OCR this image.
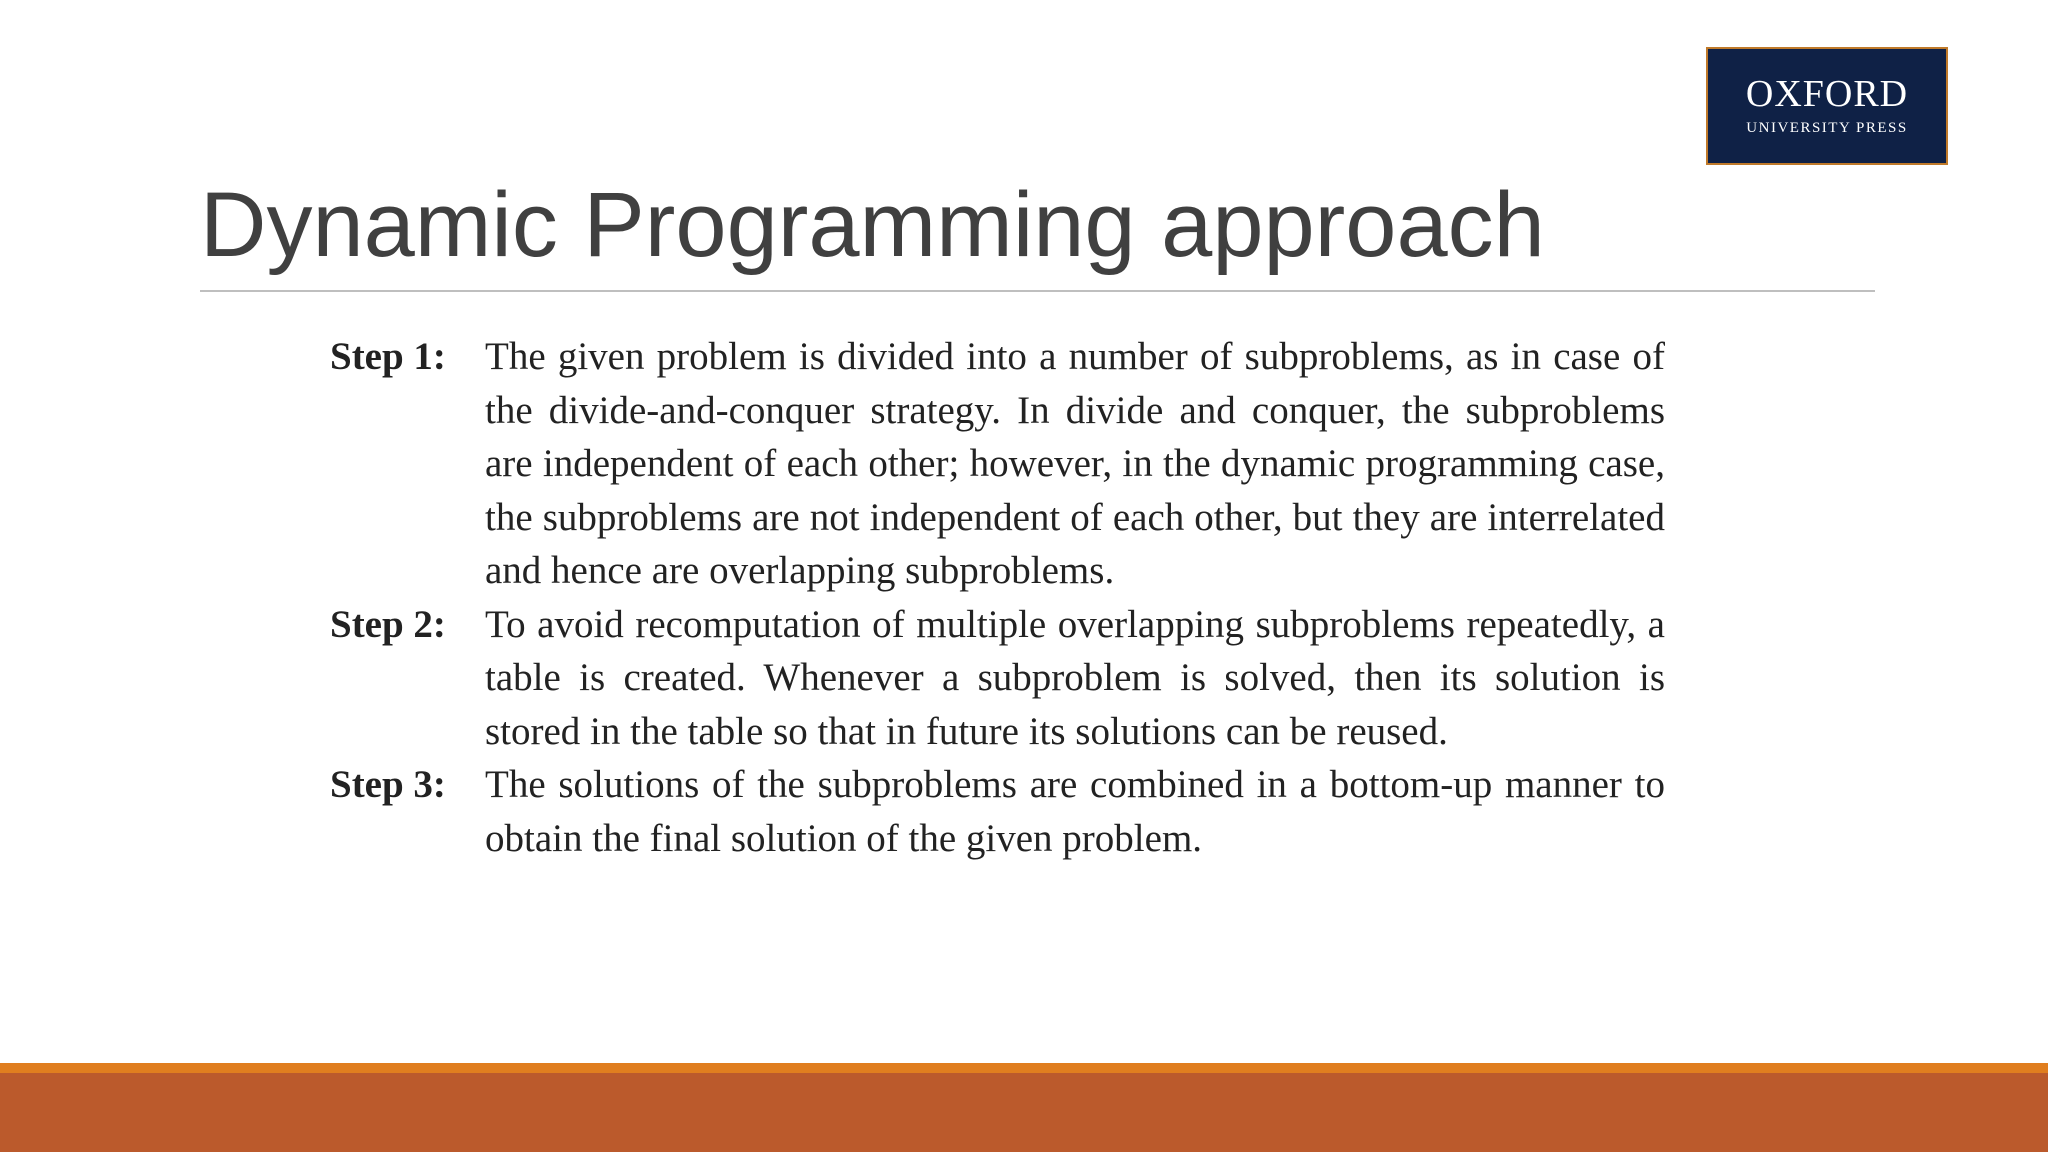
OXFORD
UNIVERSITY PRESS
Dynamic Programming approach
Step 1:	The given problem is divided into a number of subproblems, as in case of the divide-and-conquer strategy. In divide and conquer, the subproblems are independent of each other; however, in the dynamic programming case, the subproblems are not independent of each other, but they are interrelated and hence are overlapping subproblems.
Step 2:	To avoid recomputation of multiple overlapping subproblems repeatedly, a table is created. Whenever a subproblem is solved, then its solution is stored in the table so that in future its solutions can be reused.
Step 3:	The solutions of the subproblems are combined in a bottom-up manner to obtain the final solution of the given problem.
